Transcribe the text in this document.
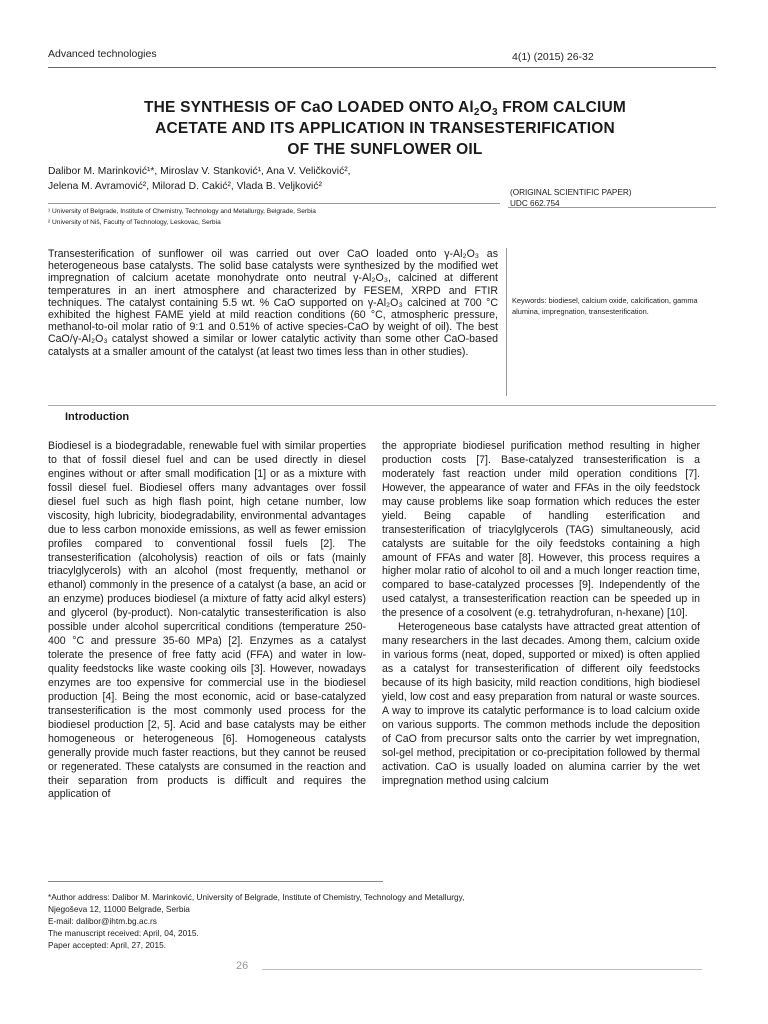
Advanced technologies	4(1) (2015) 26-32
THE SYNTHESIS OF CaO LOADED ONTO $Al_2O_3$ FROM CALCIUM
ACETATE AND ITS APPLICATION IN TRANSESTERIFICATION
OF THE SUNFLOWER OIL
Dalibor M. Marinković¹*, Miroslav V. Stanković¹, Ana V. Veličković²,
Jelena M. Avramović², Milorad D. Cakić², Vlada B. Veljković²
(ORIGINAL SCIENTIFIC PAPER)
UDC 662.754
¹ University of Belgrade, Institute of Chemistry, Technology and Metallurgy, Belgrade, Serbia
² University of Niš, Faculty of Technology, Leskovac, Serbia
Transesterification of sunflower oil was carried out over CaO loaded onto γ-Al₂O₃ as heterogeneous base catalysts. The solid base catalysts were synthesized by the modified wet impregnation of calcium acetate monohydrate onto neutral γ-Al₂O₃, calcined at different temperatures in an inert atmosphere and characterized by FESEM, XRPD and FTIR techniques. The catalyst containing 5.5 wt. % CaO supported on γ-Al₂O₃ calcined at 700 °C exhibited the highest FAME yield at mild reaction conditions (60 °C, atmospheric pressure, methanol-to-oil molar ratio of 9:1 and 0.51% of active species-CaO by weight of oil). The best CaO/γ-Al₂O₃ catalyst showed a similar or lower catalytic activity than some other CaO-based catalysts at a smaller amount of the catalyst (at least two times less than in other studies).
Keywords: biodiesel, calcium oxide, calcification, gamma alumina, impregnation, transesterification.
Introduction

Biodiesel is a biodegradable, renewable fuel with similar properties to that of fossil diesel fuel and can be used directly in diesel engines without or after small modification [1] or as a mixture with fossil diesel fuel. Biodiesel offers many advantages over fossil diesel fuel such as high flash point, high cetane number, low viscosity, high lubricity, biodegradability, environmental advantages due to less carbon monoxide emissions, as well as fewer emission profiles compared to conventional fossil fuels [2]. The transesterification (alcoholysis) reaction of oils or fats (mainly triacylglycerols) with an alcohol (most frequently, methanol or ethanol) commonly in the presence of a catalyst (a base, an acid or an enzyme) produces biodiesel (a mixture of fatty acid alkyl esters) and glycerol (by-product). Non-catalytic transesterification is also possible under alcohol supercritical conditions (temperature 250-400 °C and pressure 35-60 MPa) [2]. Enzymes as a catalyst tolerate the presence of free fatty acid (FFA) and water in low-quality feedstocks like waste cooking oils [3]. However, nowadays enzymes are too expensive for commercial use in the biodiesel production [4]. Being the most economic, acid or base-catalyzed transesterification is the most commonly used process for the biodiesel production [2, 5]. Acid and base catalysts may be either homogeneous or heterogeneous [6]. Homogeneous catalysts generally provide much faster reactions, but they cannot be reused or regenerated. These catalysts are consumed in the reaction and their separation from products is difficult and requires the application of

the appropriate biodiesel purification method resulting in higher production costs [7]. Base-catalyzed transesterification is a moderately fast reaction under mild operation conditions [7]. However, the appearance of water and FFAs in the oily feedstock may cause problems like soap formation which reduces the ester yield. Being capable of handling esterification and transesterification of triacylglycerols (TAG) simultaneously, acid catalysts are suitable for the oily feedstoks containing a high amount of FFAs and water [8]. However, this process requires a higher molar ratio of alcohol to oil and a much longer reaction time, compared to base-catalyzed processes [9]. Independently of the used catalyst, a transesterification reaction can be speeded up in the presence of a cosolvent (e.g. tetrahydrofuran, n-hexane) [10].

Heterogeneous base catalysts have attracted great attention of many researchers in the last decades. Among them, calcium oxide in various forms (neat, doped, supported or mixed) is often applied as a catalyst for transesterification of different oily feedstocks because of its high basicity, mild reaction conditions, high biodiesel yield, low cost and easy preparation from natural or waste sources. A way to improve its catalytic performance is to load calcium oxide on various supports. The common methods include the deposition of CaO from precursor salts onto the carrier by wet impregnation, sol-gel method, precipitation or co-precipitation followed by thermal activation. CaO is usually loaded on alumina carrier by the wet impregnation method using calcium

*Author address: Dalibor M. Marinković, University of Belgrade, Institute of Chemistry, Technology and Metallurgy,
Njegoševa 12, 11000 Belgrade, Serbia
E-mail: dalibor@ihtm.bg.ac.rs
The manuscript received: April, 04, 2015.
Paper accepted: April, 27, 2015.
26
